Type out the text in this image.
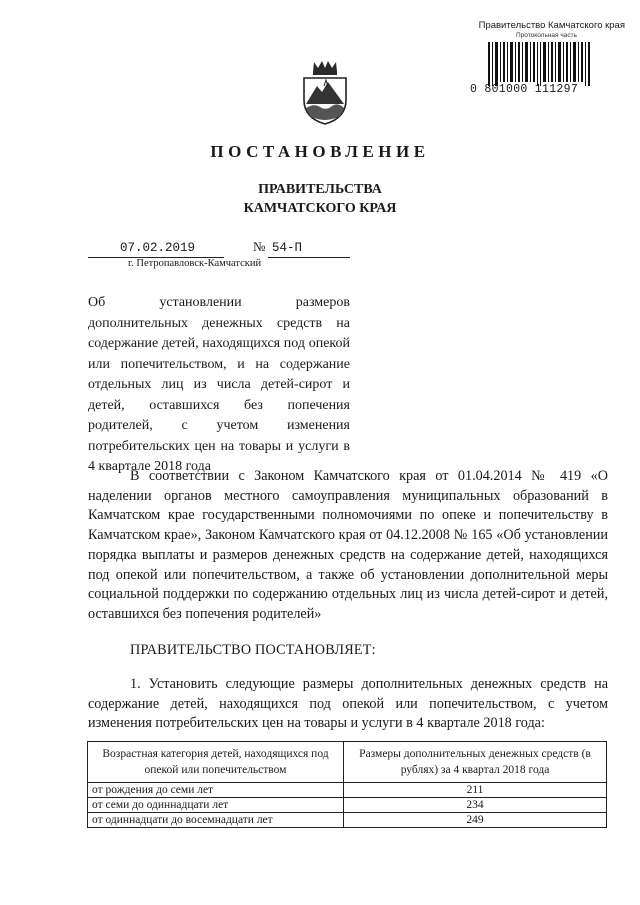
Правительство Камчатского края
Протокольная часть
0 801000 111297
ПОСТАНОВЛЕНИЕ
ПРАВИТЕЛЬСТВА
КАМЧАТСКОГО КРАЯ
07.02.2019	№ 54-П
г. Петропавловск-Камчатский
Об установлении размеров дополнительных денежных средств на содержание детей, находящихся под опекой или попечительством, и на содержание отдельных лиц из числа детей-сирот и детей, оставшихся без попечения родителей, с учетом изменения потребительских цен на товары и услуги в 4 квартале 2018 года
В соответствии с Законом Камчатского края от 01.04.2014 № 419 «О наделении органов местного самоуправления муниципальных образований в Камчатском крае государственными полномочиями по опеке и попечительству в Камчатском крае», Законом Камчатского края от 04.12.2008 № 165 «Об установлении порядка выплаты и размеров денежных средств на содержание детей, находящихся под опекой или попечительством, а также об установлении дополнительной меры социальной поддержки по содержанию отдельных лиц из числа детей-сирот и детей, оставшихся без попечения родителей»
ПРАВИТЕЛЬСТВО ПОСТАНОВЛЯЕТ:
1. Установить следующие размеры дополнительных денежных средств на содержание детей, находящихся под опекой или попечительством, с учетом изменения потребительских цен на товары и услуги в 4 квартале 2018 года:
Возрастная категория детей, находящихся под опекой или попечительством	Размеры дополнительных денежных средств (в рублях) за 4 квартал 2018 года
от рождения до семи лет	211
от семи до одиннадцати лет	234
от одиннадцати до восемнадцати лет	249
